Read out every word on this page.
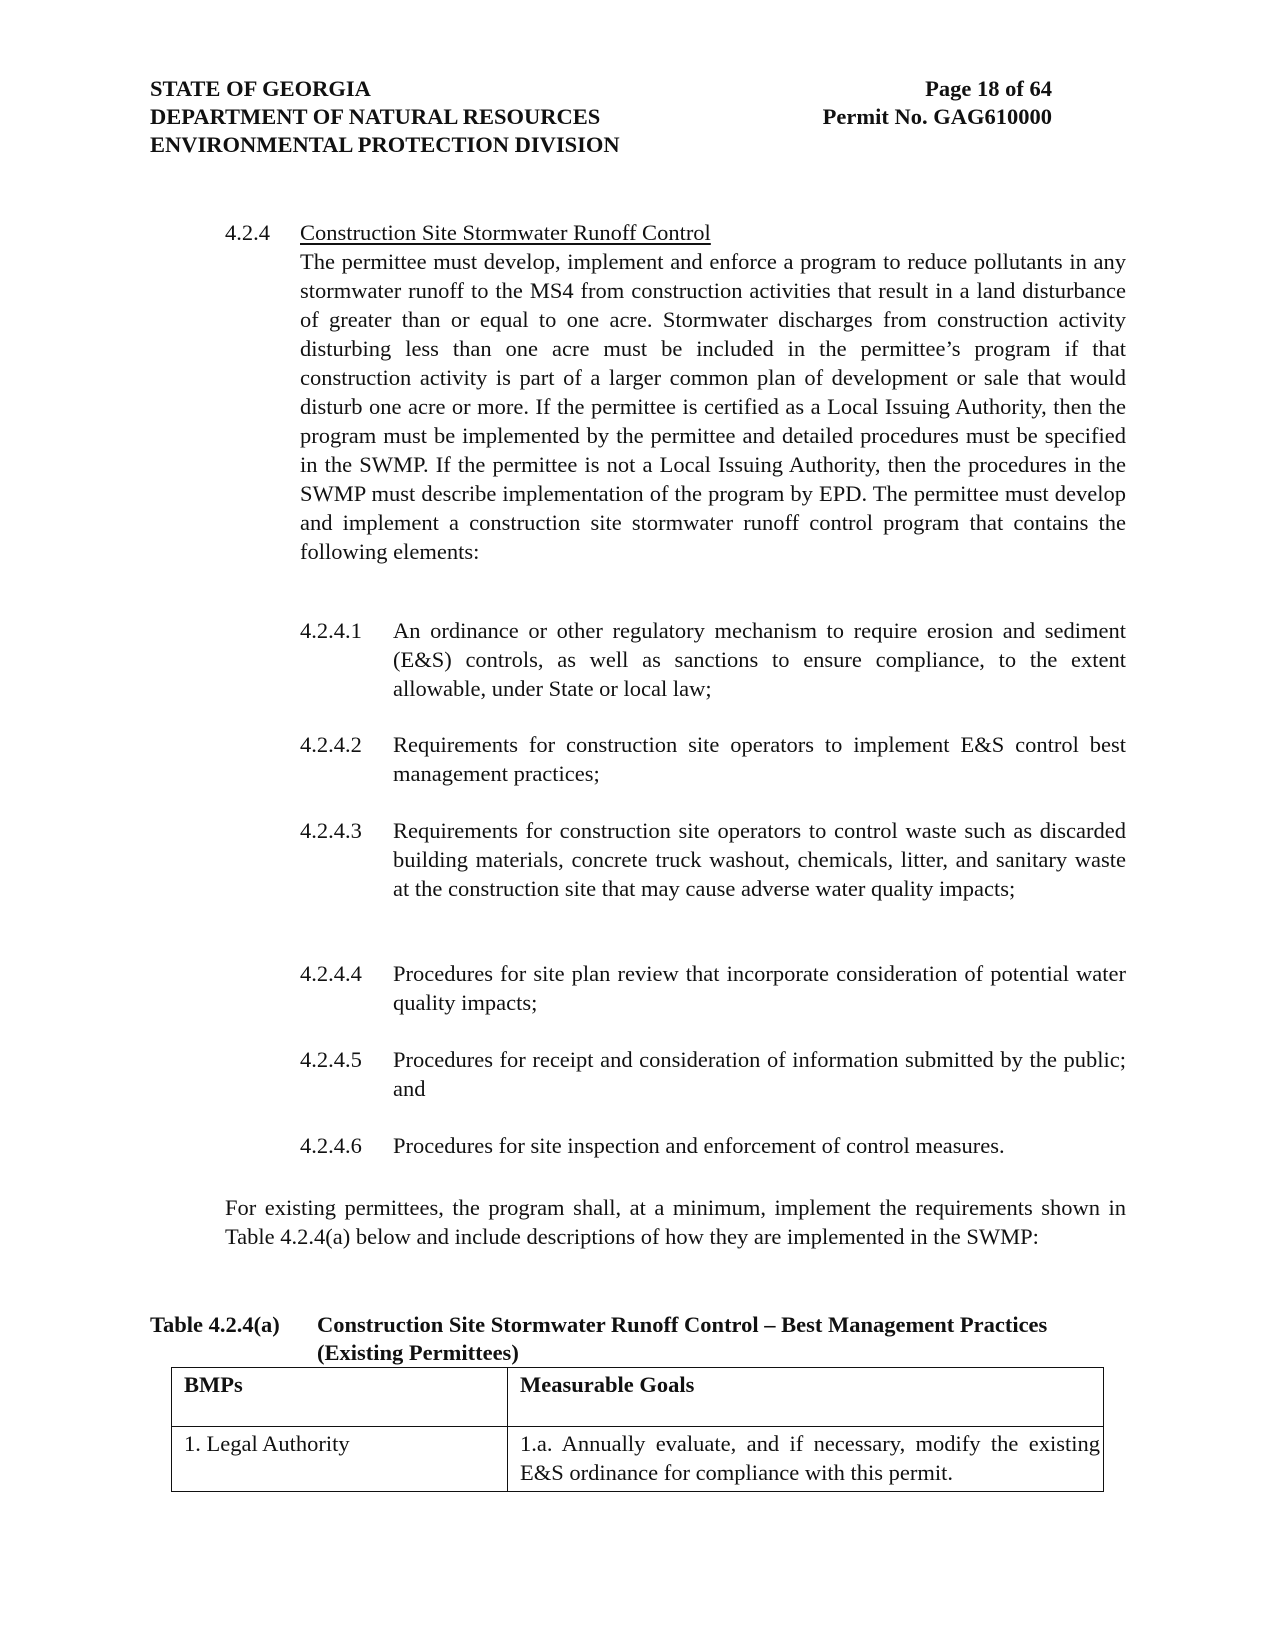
STATE OF GEORGIA
DEPARTMENT OF NATURAL RESOURCES
ENVIRONMENTAL PROTECTION DIVISION
Page 18 of 64
Permit No. GAG610000
4.2.4 Construction Site Stormwater Runoff Control
The permittee must develop, implement and enforce a program to reduce pollutants in any stormwater runoff to the MS4 from construction activities that result in a land disturbance of greater than or equal to one acre. Stormwater discharges from construction activity disturbing less than one acre must be included in the permittee’s program if that construction activity is part of a larger common plan of development or sale that would disturb one acre or more. If the permittee is certified as a Local Issuing Authority, then the program must be implemented by the permittee and detailed procedures must be specified in the SWMP. If the permittee is not a Local Issuing Authority, then the procedures in the SWMP must describe implementation of the program by EPD. The permittee must develop and implement a construction site stormwater runoff control program that contains the following elements:
4.2.4.1 An ordinance or other regulatory mechanism to require erosion and sediment (E&S) controls, as well as sanctions to ensure compliance, to the extent allowable, under State or local law;
4.2.4.2 Requirements for construction site operators to implement E&S control best management practices;
4.2.4.3 Requirements for construction site operators to control waste such as discarded building materials, concrete truck washout, chemicals, litter, and sanitary waste at the construction site that may cause adverse water quality impacts;
4.2.4.4 Procedures for site plan review that incorporate consideration of potential water quality impacts;
4.2.4.5 Procedures for receipt and consideration of information submitted by the public; and
4.2.4.6 Procedures for site inspection and enforcement of control measures.
For existing permittees, the program shall, at a minimum, implement the requirements shown in Table 4.2.4(a) below and include descriptions of how they are implemented in the SWMP:
Table 4.2.4(a) Construction Site Stormwater Runoff Control – Best Management Practices
(Existing Permittees)
BMPs	Measurable Goals
1. Legal Authority	1.a. Annually evaluate, and if necessary, modify the existing E&S ordinance for compliance with this permit.
